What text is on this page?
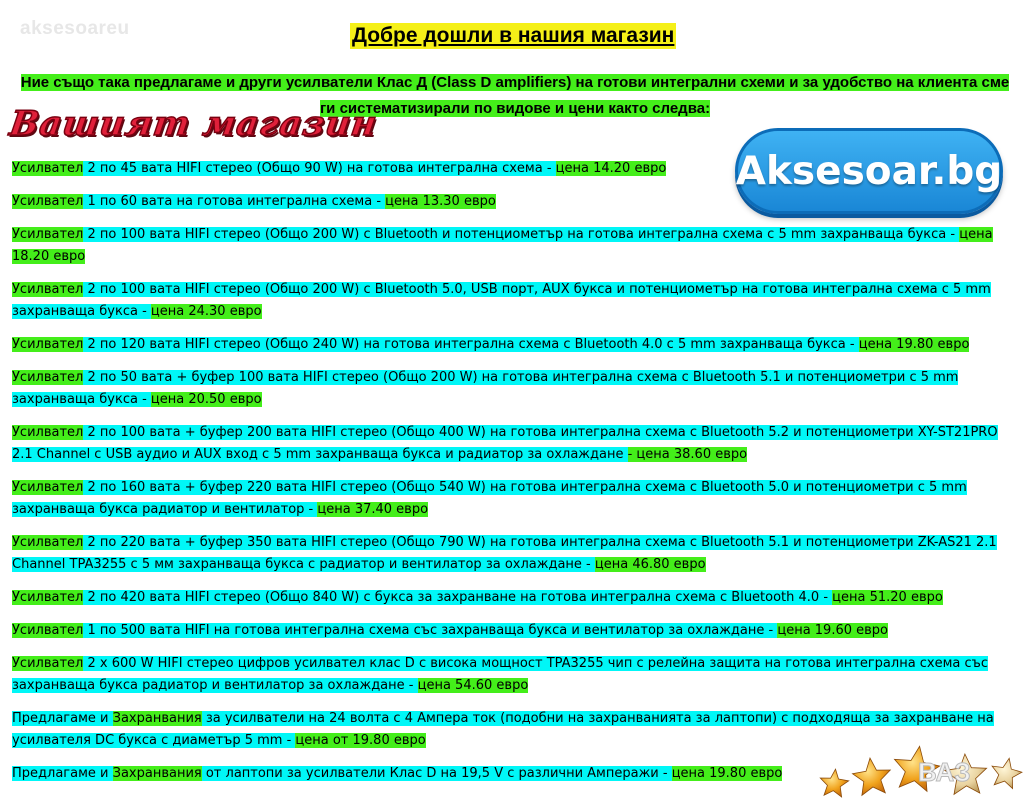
aksesoareu	Добре дошли в нашия магазин
Ние също така предлагаме и други усилватели Клас Д (Class D amplifiers) на готови интегрални схеми и за удобство на клиента сме ги систематизирали по видове и цени както следва:
Вашият магазин
Aksesoar.bg
Усилвател 2 по 45 вата HIFI стерео (Общо 90 W) на готова интегрална схема - цена 14.20 евро
Усилвател 1 по 60 вата на готова интегрална схема - цена 13.30 евро
Усилвател 2 по 100 вата HIFI стерео (Общо 200 W) с Bluetooth и потенциометър на готова интегрална схема с 5 mm захранваща букса - цена 18.20 евро
Усилвател 2 по 100 вата HIFI стерео (Общо 200 W) с Bluetooth 5.0, USB порт, AUX букса и потенциометър на готова интегрална схема с 5 mm захранваща букса - цена 24.30 евро
Усилвател 2 по 120 вата HIFI стерео (Общо 240 W) на готова интегрална схема с Bluetooth 4.0 с 5 mm захранваща букса - цена 19.80 евро
Усилвател 2 по 50 вата + буфер 100 вата HIFI стерео (Общо 200 W) на готова интегрална схема с Bluetooth 5.1 и потенциометри с 5 mm захранваща букса - цена 20.50 евро
Усилвател 2 по 100 вата + буфер 200 вата HIFI стерео (Общо 400 W) на готова интегрална схема с Bluetooth 5.2 и потенциометри XY-ST21PRO 2.1 Channel с USB аудио и AUX вход с 5 mm захранваща букса и радиатор за охлаждане - цена 38.60 евро
Усилвател 2 по 160 вата + буфер 220 вата HIFI стерео (Общо 540 W) на готова интегрална схема с Bluetooth 5.0 и потенциометри с 5 mm захранваща букса радиатор и вентилатор - цена 37.40 евро
Усилвател 2 по 220 вата + буфер 350 вата HIFI стерео (Общо 790 W) на готова интегрална схема с Bluetooth 5.1 и потенциометри ZK-AS21 2.1 Channel TPA3255 с 5 мм захранваща букса с радиатор и вентилатор за охлаждане - цена 46.80 евро
Усилвател 2 по 420 вата HIFI стерео (Общо 840 W) с букса за захранване на готова интегрална схема с Bluetooth 4.0 - цена 51.20 евро
Усилвател 1 по 500 вата HIFI на готова интегрална схема със захранваща букса и вентилатор за охлаждане - цена 19.60 евро
Усилвател 2 x 600 W HIFI стерео цифров усилвател клас D с висока мощност TPA3255 чип с релейна защита на готова интегрална схема със захранваща букса радиатор и вентилатор за охлаждане - цена 54.60 евро
Предлагаме и Захранвания за усилватели на 24 волта с 4 Ампера ток (подобни на захранванията за лаптопи) с подходяща за захранване на усилвателя DC букса с диаметър 5 mm - цена от 19.80 евро
Предлагаме и Захранвания от лаптопи за усилватели Клас D на 19,5 V с различни Ампеpажи - цена 19.80 евро	ВАЗ
